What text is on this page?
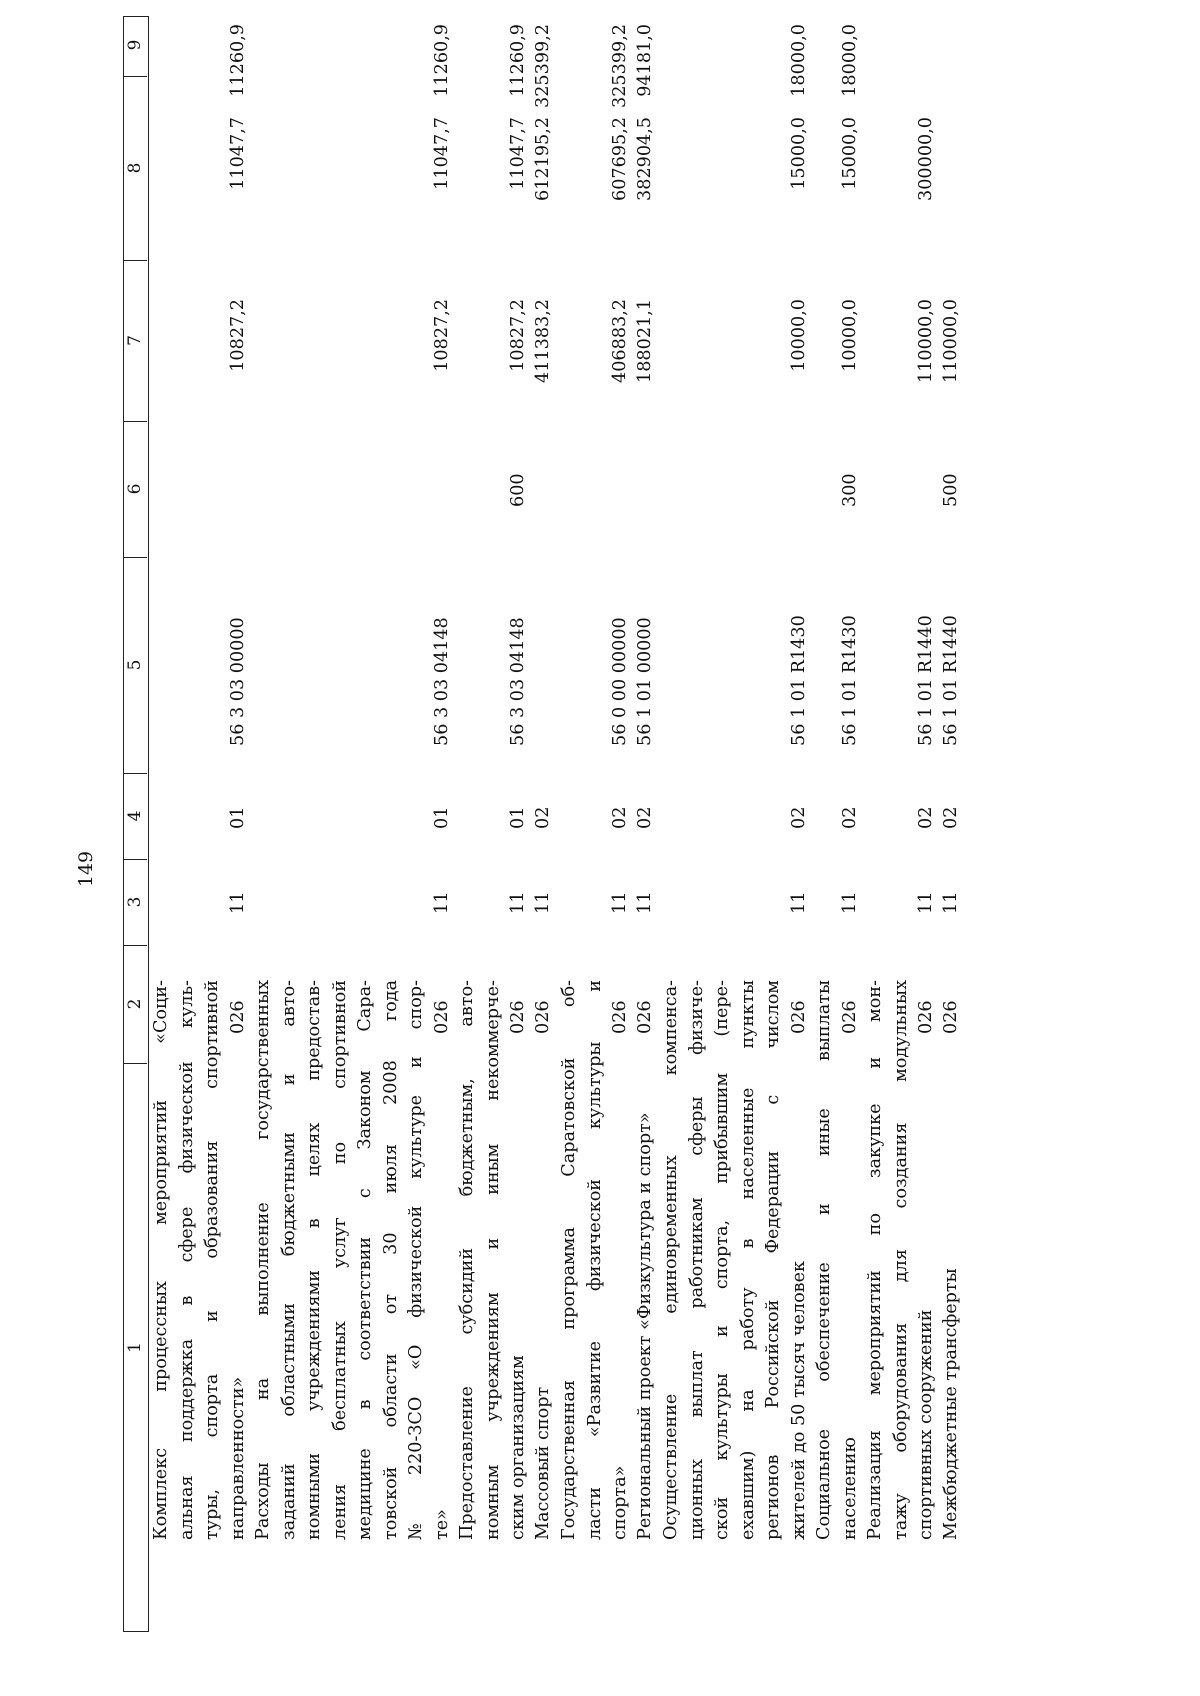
149
1
2
3
4
5
6
7
8
9
Комплекс процессных мероприятий «Соци- альная поддержка в сфере физической куль- туры, спорта и образования спортивной направленности»
026
11
01
56 3 03 00000
10827,2
11047,7
11260,9
Расходы на выполнение государственных заданий областными бюджетными и авто- номными учреждениями в целях предостав- ления бесплатных услуг по спортивной медицине в соответствии с Законом Сара- товской области от 30 июля 2008 года № 220-ЗСО «О физической культуре и спор- те»
026
11
01
56 3 03 04148
10827,2
11047,7
11260,9
Предоставление субсидий бюджетным, авто- номным учреждениям и иным некоммерче- ским организациям
026
11
01
56 3 03 04148
600
10827,2
11047,7
11260,9
Массовый спорт
026
11
02
411383,2
612195,2
325399,2
Государственная программа Саратовской об- ласти «Развитие физической культуры и спорта»
026
11
02
56 0 00 00000
406883,2
607695,2
325399,2
Региональный проект «Физкультура и спорт»
026
11
02
56 1 01 00000
188021,1
382904,5
94181,0
Осуществление единовременных компенса- ционных выплат работникам сферы физиче- ской культуры и спорта, прибывшим (пере- ехавшим) на работу в населенные пункты регионов Российской Федерации с числом жителей до 50 тысяч человек
026
11
02
56 1 01 R1430
10000,0
15000,0
18000,0
Социальное обеспечение и иные выплаты населению
026
11
02
56 1 01 R1430
300
10000,0
15000,0
18000,0
Реализация мероприятий по закупке и мон- тажу оборудования для создания модульных спортивных сооружений
026
11
02
56 1 01 R1440
110000,0
300000,0
Межбюджетные трансферты
026
11
02
56 1 01 R1440
500
110000,0
